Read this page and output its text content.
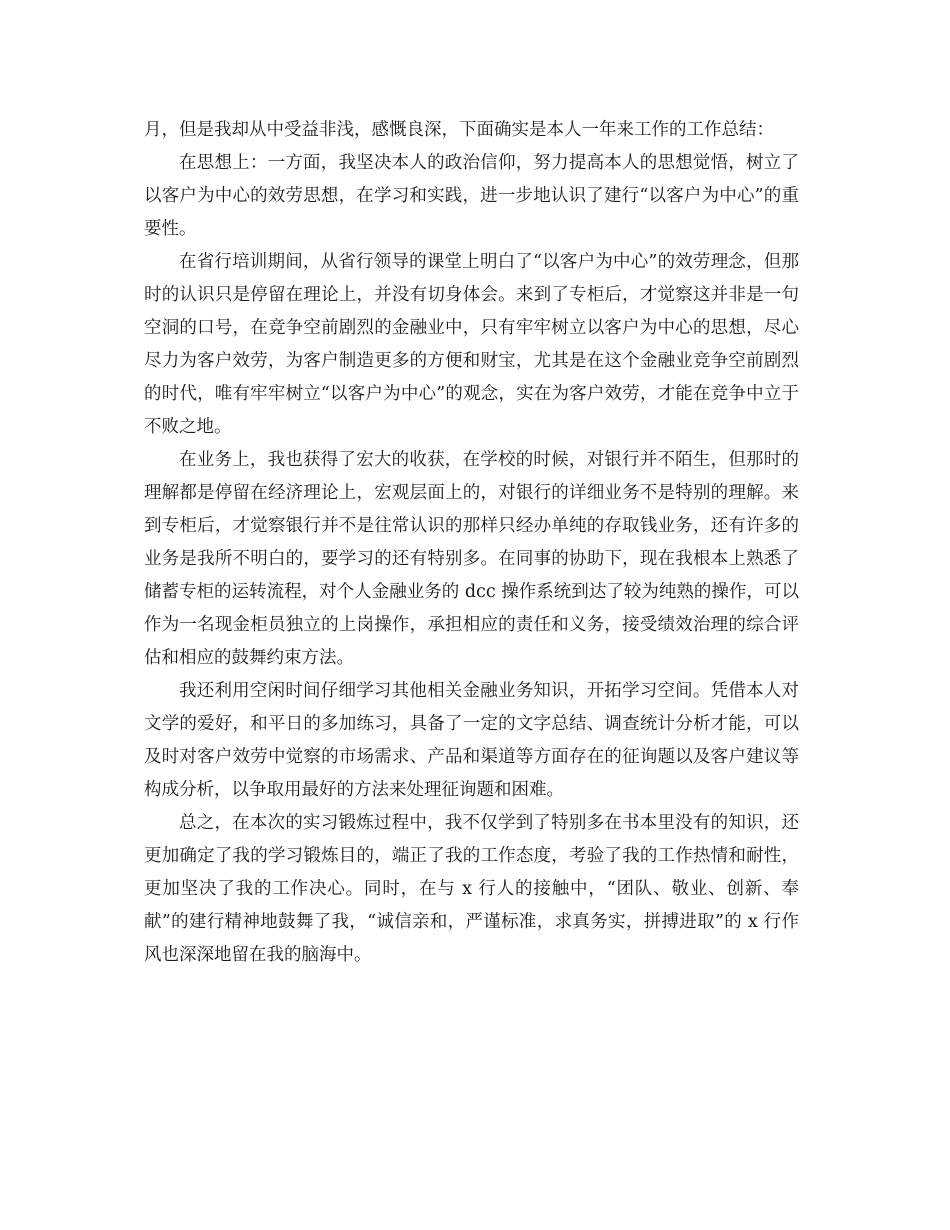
月，但是我却从中受益非浅，感慨良深，下面确实是本人一年来工作的工作总结：

在思想上：一方面，我坚决本人的政治信仰，努力提高本人的思想觉悟，树立了以客户为中心的效劳思想，在学习和实践，进一步地认识了建行“以客户为中心”的重要性。

在省行培训期间，从省行领导的课堂上明白了“以客户为中心”的效劳理念，但那时的认识只是停留在理论上，并没有切身体会。来到了专柜后，才觉察这并非是一句空洞的口号，在竞争空前剧烈的金融业中，只有牢牢树立以客户为中心的思想，尽心尽力为客户效劳，为客户制造更多的方便和财宝，尤其是在这个金融业竞争空前剧烈的时代，唯有牢牢树立“以客户为中心”的观念，实在为客户效劳，才能在竞争中立于不败之地。

在业务上，我也获得了宏大的收获，在学校的时候，对银行并不陌生，但那时的理解都是停留在经济理论上，宏观层面上的，对银行的详细业务不是特别的理解。来到专柜后，才觉察银行并不是往常认识的那样只经办单纯的存取钱业务，还有许多的业务是我所不明白的，要学习的还有特别多。在同事的协助下，现在我根本上熟悉了储蓄专柜的运转流程，对个人金融业务的 dcc 操作系统到达了较为纯熟的操作，可以作为一名现金柜员独立的上岗操作，承担相应的责任和义务，接受绩效治理的综合评估和相应的鼓舞约束方法。

我还利用空闲时间仔细学习其他相关金融业务知识，开拓学习空间。凭借本人对文学的爱好，和平日的多加练习，具备了一定的文字总结、调查统计分析才能，可以及时对客户效劳中觉察的市场需求、产品和渠道等方面存在的征询题以及客户建议等构成分析，以争取用最好的方法来处理征询题和困难。

总之，在本次的实习锻炼过程中，我不仅学到了特别多在书本里没有的知识，还更加确定了我的学习锻炼目的，端正了我的工作态度，考验了我的工作热情和耐性，更加坚决了我的工作决心。同时，在与 x 行人的接触中，“团队、敬业、创新、奉献”的建行精神地鼓舞了我，“诚信亲和，严谨标准，求真务实，拼搏进取”的 x 行作风也深深地留在我的脑海中。
